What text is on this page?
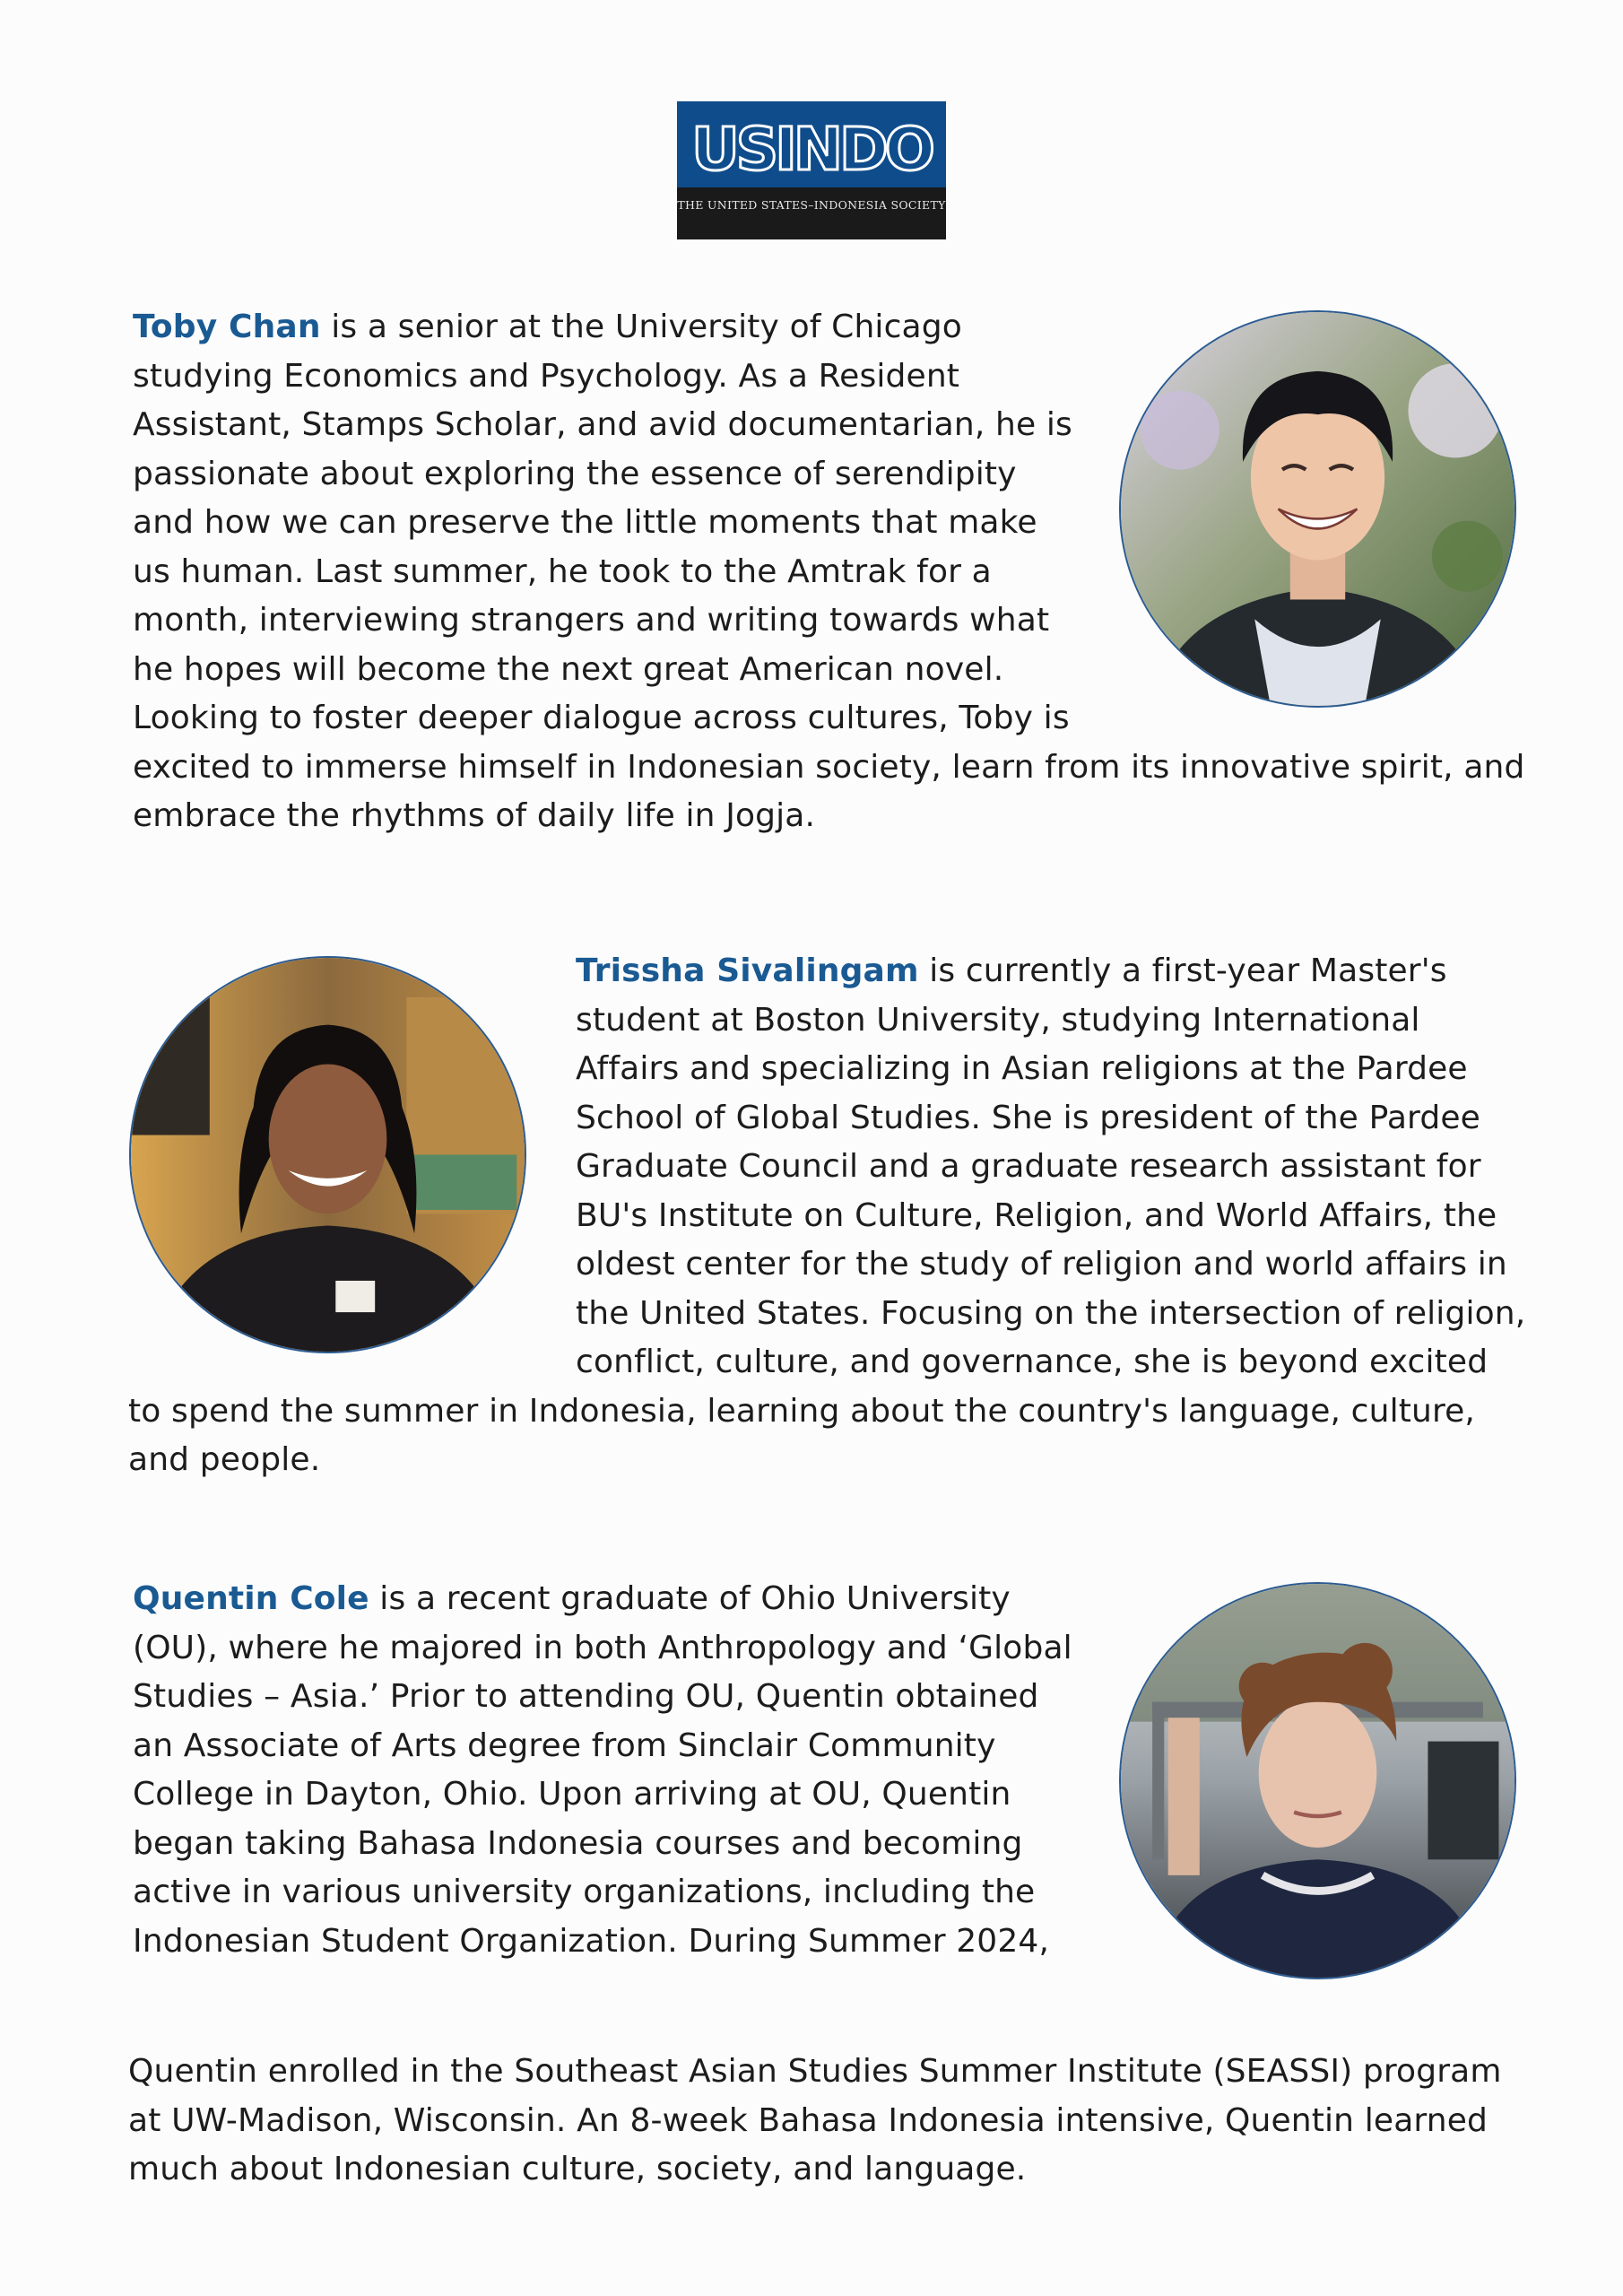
USINDO
THE UNITED STATES–INDONESIA SOCIETY

Toby Chan is a senior at the University of Chicago studying Economics and Psychology. As a Resident Assistant, Stamps Scholar, and avid documentarian, he is passionate about exploring the essence of serendipity and how we can preserve the little moments that make us human. Last summer, he took to the Amtrak for a month, interviewing strangers and writing towards what he hopes will become the next great American novel. Looking to foster deeper dialogue across cultures, Toby is excited to immerse himself in Indonesian society, learn from its innovative spirit, and embrace the rhythms of daily life in Jogja.

Trissha Sivalingam is currently a first-year Master's student at Boston University, studying International Affairs and specializing in Asian religions at the Pardee School of Global Studies. She is president of the Pardee Graduate Council and a graduate research assistant for BU's Institute on Culture, Religion, and World Affairs, the oldest center for the study of religion and world affairs in the United States. Focusing on the intersection of religion, conflict, culture, and governance, she is beyond excited to spend the summer in Indonesia, learning about the country's language, culture, and people.

Quentin Cole is a recent graduate of Ohio University (OU), where he majored in both Anthropology and ‘Global Studies – Asia.’ Prior to attending OU, Quentin obtained an Associate of Arts degree from Sinclair Community College in Dayton, Ohio. Upon arriving at OU, Quentin began taking Bahasa Indonesia courses and becoming active in various university organizations, including the Indonesian Student Organization. During Summer 2024,

Quentin enrolled in the Southeast Asian Studies Summer Institute (SEASSI) program at UW-Madison, Wisconsin. An 8-week Bahasa Indonesia intensive, Quentin learned much about Indonesian culture, society, and language.
